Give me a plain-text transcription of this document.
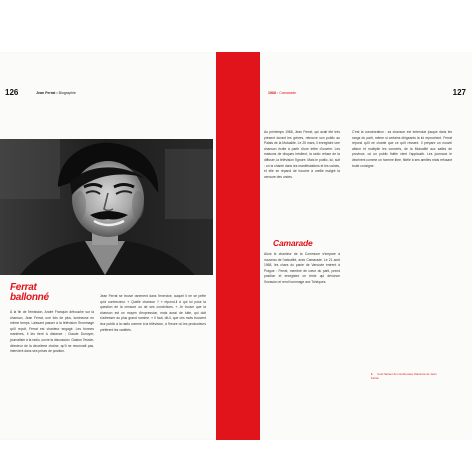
126	Jean Ferrat • Biographie
Ferrat
ballonné

À la fin de l'émission, André Franquin débouche sur la chanson, Jean Ferrat, une fois de plus, lumineuse en même temps. Laissant passer à la télévision l'hommage qu'il reçoit, Ferrat est chanteur engagé. Les bonnes manières, il les tient à distance ; Claude Dunoyer, journaliste à la radio, ouvre la discussion. Gaston Tessier, directeur de la deuxième chaîne, qu'il ne reconnaît pas, intervient dans ses prises de position.

Jean Ferrat se trouve rarement dans l'exercice, auquel il ne se prête qu'à contrecœur. « Quelle chanson ? » répond-il à qui lui pose la question de la censure ou de ses convictions. « Je trouve que la chanson est un moyen d'expression, mais aussi de lutte, qui doit s'adresser au plus grand nombre. » Il faut, dit-il, que ces mots trouvent leur public à la radio comme à la télévision, à l'heure où les producteurs préfèrent les variétés.

127
1968 • Camarade

Au printemps 1968, Jean Ferrat, qui avait été très présent durant les grèves, retrouve son public au Palais de la Mutualité. Le 25 mars, il enregistre une chanson écrite à partir d'une lettre d'ouvrier. Les maisons de disques hésitent, la radio refuse de la diffuser, la télévision l'ignore. Mais le public, lui, suit : on la chante dans les manifestations et les usines, et elle se répand de bouche à oreille malgré la censure des ondes.

Camarade

Alors le chanteur de la Commune s'empare à nouveau de l'actualité, avec Camarade. Le 21 août 1968, les chars du pacte de Varsovie entrent à Prague : Ferrat, membre de cœur du parti, prend position et enregistre ce texte qui dénonce l'invasion et rend hommage aux Tchèques.

C'est la consécration : sa chanson est entendue jusque dans les rangs du parti, même si certains dirigeants la lui reprochent. Ferrat répond qu'il ne chante que ce qu'il ressent. Il prépare un nouvel album et multiplie les concerts, de la Mutualité aux salles de province, où un public fidèle vient l'applaudir. Les journaux le décrivent comme un homme libre, fidèle à ses amitiés mais refusant toute consigne.

1. Il est l'auteur de nombreuses chansons de Jean Ferrat.
